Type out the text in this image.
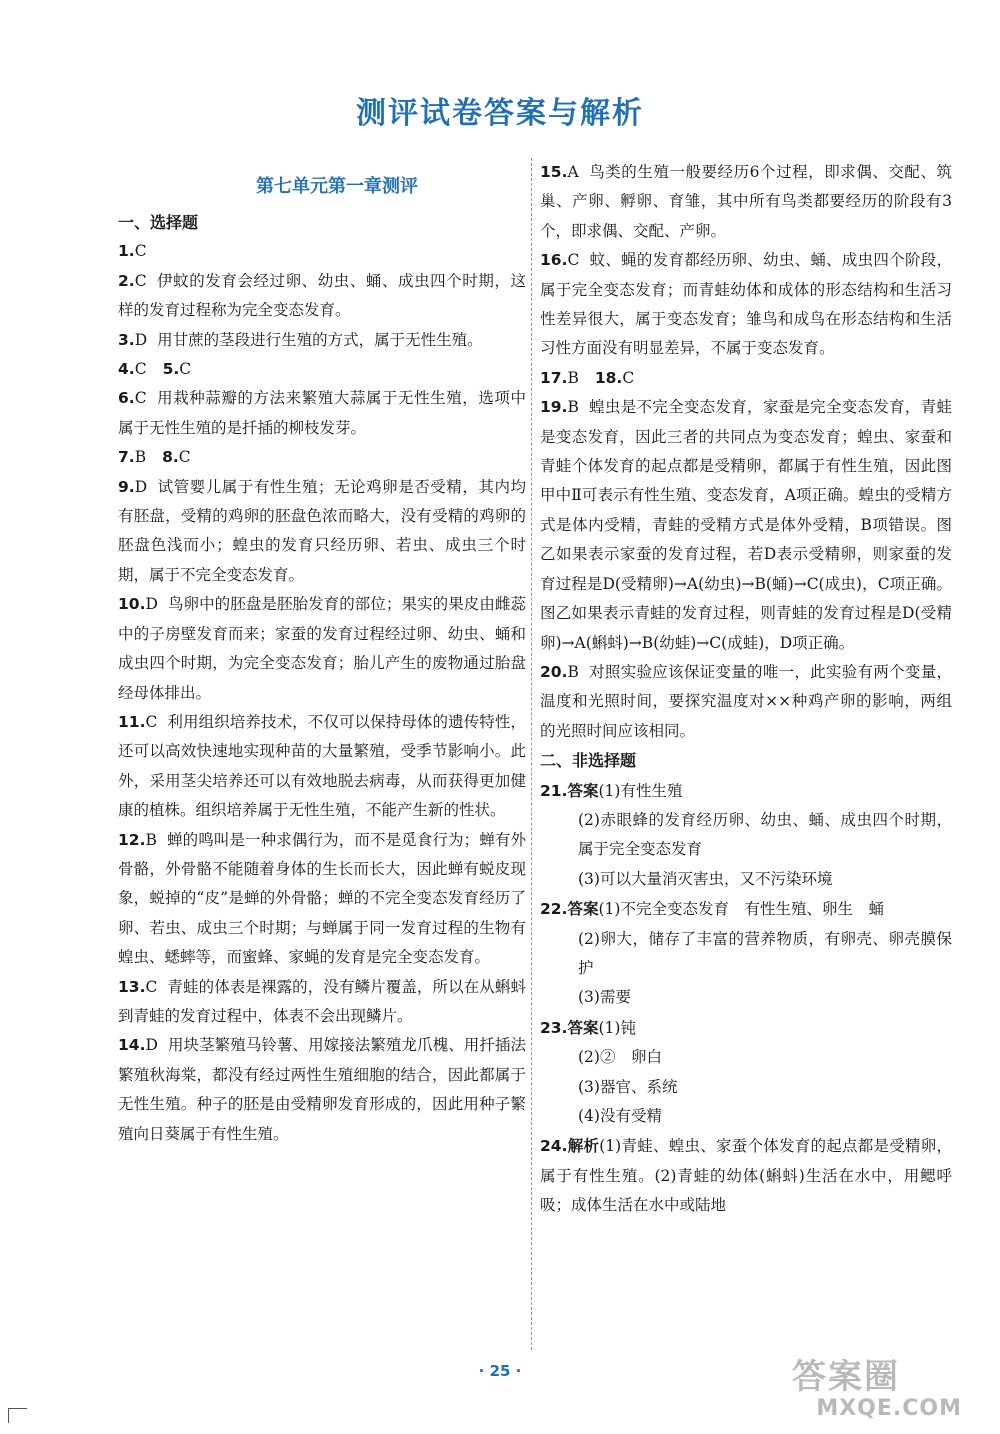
测评试卷答案与解析
第七单元第一章测评
一、选择题
1.C
2.C 伊蚊的发育会经过卵、幼虫、蛹、成虫四个时期，这样的发育过程称为完全变态发育。
3.D 用甘蔗的茎段进行生殖的方式，属于无性生殖。
4.C 5.C
6.C 用栽种蒜瓣的方法来繁殖大蒜属于无性生殖，选项中属于无性生殖的是扦插的柳枝发芽。
7.B 8.C
9.D 试管婴儿属于有性生殖；无论鸡卵是否受精，其内均有胚盘，受精的鸡卵的胚盘色浓而略大，没有受精的鸡卵的胚盘色浅而小；蝗虫的发育只经历卵、若虫、成虫三个时期，属于不完全变态发育。
10.D 鸟卵中的胚盘是胚胎发育的部位；果实的果皮由雌蕊中的子房壁发育而来；家蚕的发育过程经过卵、幼虫、蛹和成虫四个时期，为完全变态发育；胎儿产生的废物通过胎盘经母体排出。
11.C 利用组织培养技术，不仅可以保持母体的遗传特性，还可以高效快速地实现种苗的大量繁殖，受季节影响小。此外，采用茎尖培养还可以有效地脱去病毒，从而获得更加健康的植株。组织培养属于无性生殖，不能产生新的性状。
12.B 蝉的鸣叫是一种求偶行为，而不是觅食行为；蝉有外骨骼，外骨骼不能随着身体的生长而长大，因此蝉有蜕皮现象，蜕掉的“皮”是蝉的外骨骼；蝉的不完全变态发育经历了卵、若虫、成虫三个时期；与蝉属于同一发育过程的生物有蝗虫、蟋蟀等，而蜜蜂、家蝇的发育是完全变态发育。
13.C 青蛙的体表是裸露的，没有鳞片覆盖，所以在从蝌蚪到青蛙的发育过程中，体表不会出现鳞片。
14.D 用块茎繁殖马铃薯、用嫁接法繁殖龙爪槐、用扦插法繁殖秋海棠，都没有经过两性生殖细胞的结合，因此都属于无性生殖。种子的胚是由受精卵发育形成的，因此用种子繁殖向日葵属于有性生殖。
15.A 鸟类的生殖一般要经历6个过程，即求偶、交配、筑巢、产卵、孵卵、育雏，其中所有鸟类都要经历的阶段有3个，即求偶、交配、产卵。
16.C 蚊、蝇的发育都经历卵、幼虫、蛹、成虫四个阶段，属于完全变态发育；而青蛙幼体和成体的形态结构和生活习性差异很大，属于变态发育；雏鸟和成鸟在形态结构和生活习性方面没有明显差异，不属于变态发育。
17.B 18.C
19.B 蝗虫是不完全变态发育，家蚕是完全变态发育，青蛙是变态发育，因此三者的共同点为变态发育；蝗虫、家蚕和青蛙个体发育的起点都是受精卵，都属于有性生殖，因此图甲中Ⅱ可表示有性生殖、变态发育，A项正确。蝗虫的受精方式是体内受精，青蛙的受精方式是体外受精，B项错误。图乙如果表示家蚕的发育过程，若D表示受精卵，则家蚕的发育过程是D(受精卵)→A(幼虫)→B(蛹)→C(成虫)，C项正确。图乙如果表示青蛙的发育过程，则青蛙的发育过程是D(受精卵)→A(蝌蚪)→B(幼蛙)→C(成蛙)，D项正确。
20.B 对照实验应该保证变量的唯一，此实验有两个变量，温度和光照时间，要探究温度对××种鸡产卵的影响，两组的光照时间应该相同。
二、非选择题
21.答案(1)有性生殖
(2)赤眼蜂的发育经历卵、幼虫、蛹、成虫四个时期，属于完全变态发育
(3)可以大量消灭害虫，又不污染环境
22.答案(1)不完全变态发育　有性生殖、卵生　蛹
(2)卵大，储存了丰富的营养物质，有卵壳、卵壳膜保护
(3)需要
23.答案(1)钝
(2)②　卵白
(3)器官、系统
(4)没有受精
24.解析(1)青蛙、蝗虫、家蚕个体发育的起点都是受精卵，属于有性生殖。(2)青蛙的幼体(蝌蚪)生活在水中，用鳃呼吸；成体生活在水中或陆地
· 25 ·	答案圈
MXQE.COM
